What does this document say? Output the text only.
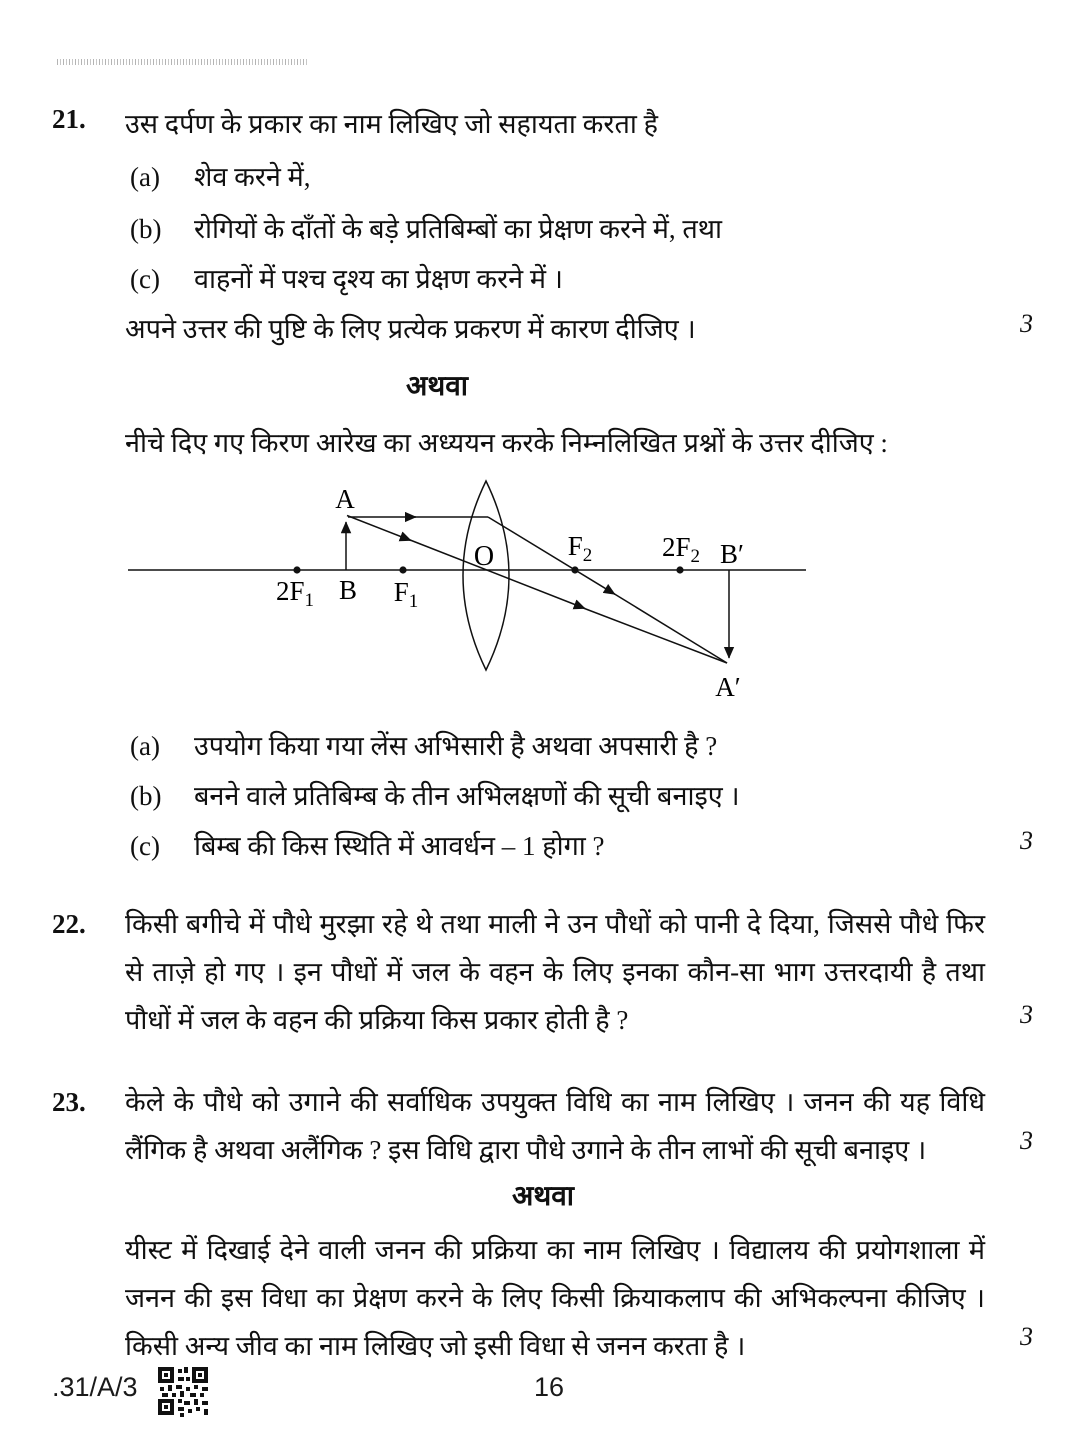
21. उस दर्पण के प्रकार का नाम लिखिए जो सहायता करता है
(a) शेव करने में,
(b) रोगियों के दाँतों के बड़े प्रतिबिम्बों का प्रेक्षण करने में, तथा
(c) वाहनों में पश्च दृश्य का प्रेक्षण करने में ।
अपने उत्तर की पुष्टि के लिए प्रत्येक प्रकरण में कारण दीजिए ।	3
अथवा
नीचे दिए गए किरण आरेख का अध्ययन करके निम्नलिखित प्रश्नों के उत्तर दीजिए :
A
B
$2F_1$	$F_1$
O	$F_2$	$2F_2$ B′
A′
(a) उपयोग किया गया लेंस अभिसारी है अथवा अपसारी है ?
(b) बनने वाले प्रतिबिम्ब के तीन अभिलक्षणों की सूची बनाइए ।
(c) बिम्ब की किस स्थिति में आवर्धन – 1 होगा ?	3
22.	किसी बगीचे में पौधे मुरझा रहे थे तथा माली ने उन पौधों को पानी दे दिया, जिससे पौधे फिर से ताज़े हो गए । इन पौधों में जल के वहन के लिए इनका कौन-सा भाग उत्तरदायी है तथा पौधों में जल के वहन की प्रक्रिया किस प्रकार होती है ?	3
23.	केले के पौधे को उगाने की सर्वाधिक उपयुक्त विधि का नाम लिखिए । जनन की यह विधि लैंगिक है अथवा अलैंगिक ? इस विधि द्वारा पौधे उगाने के तीन लाभों की सूची बनाइए ।	3
अथवा
यीस्ट में दिखाई देने वाली जनन की प्रक्रिया का नाम लिखिए । विद्यालय की प्रयोगशाला में जनन की इस विधा का प्रेक्षण करने के लिए किसी क्रियाकलाप की अभिकल्पना कीजिए । किसी अन्य जीव का नाम लिखिए जो इसी विधा से जनन करता है ।	3
.31/A/3	16
